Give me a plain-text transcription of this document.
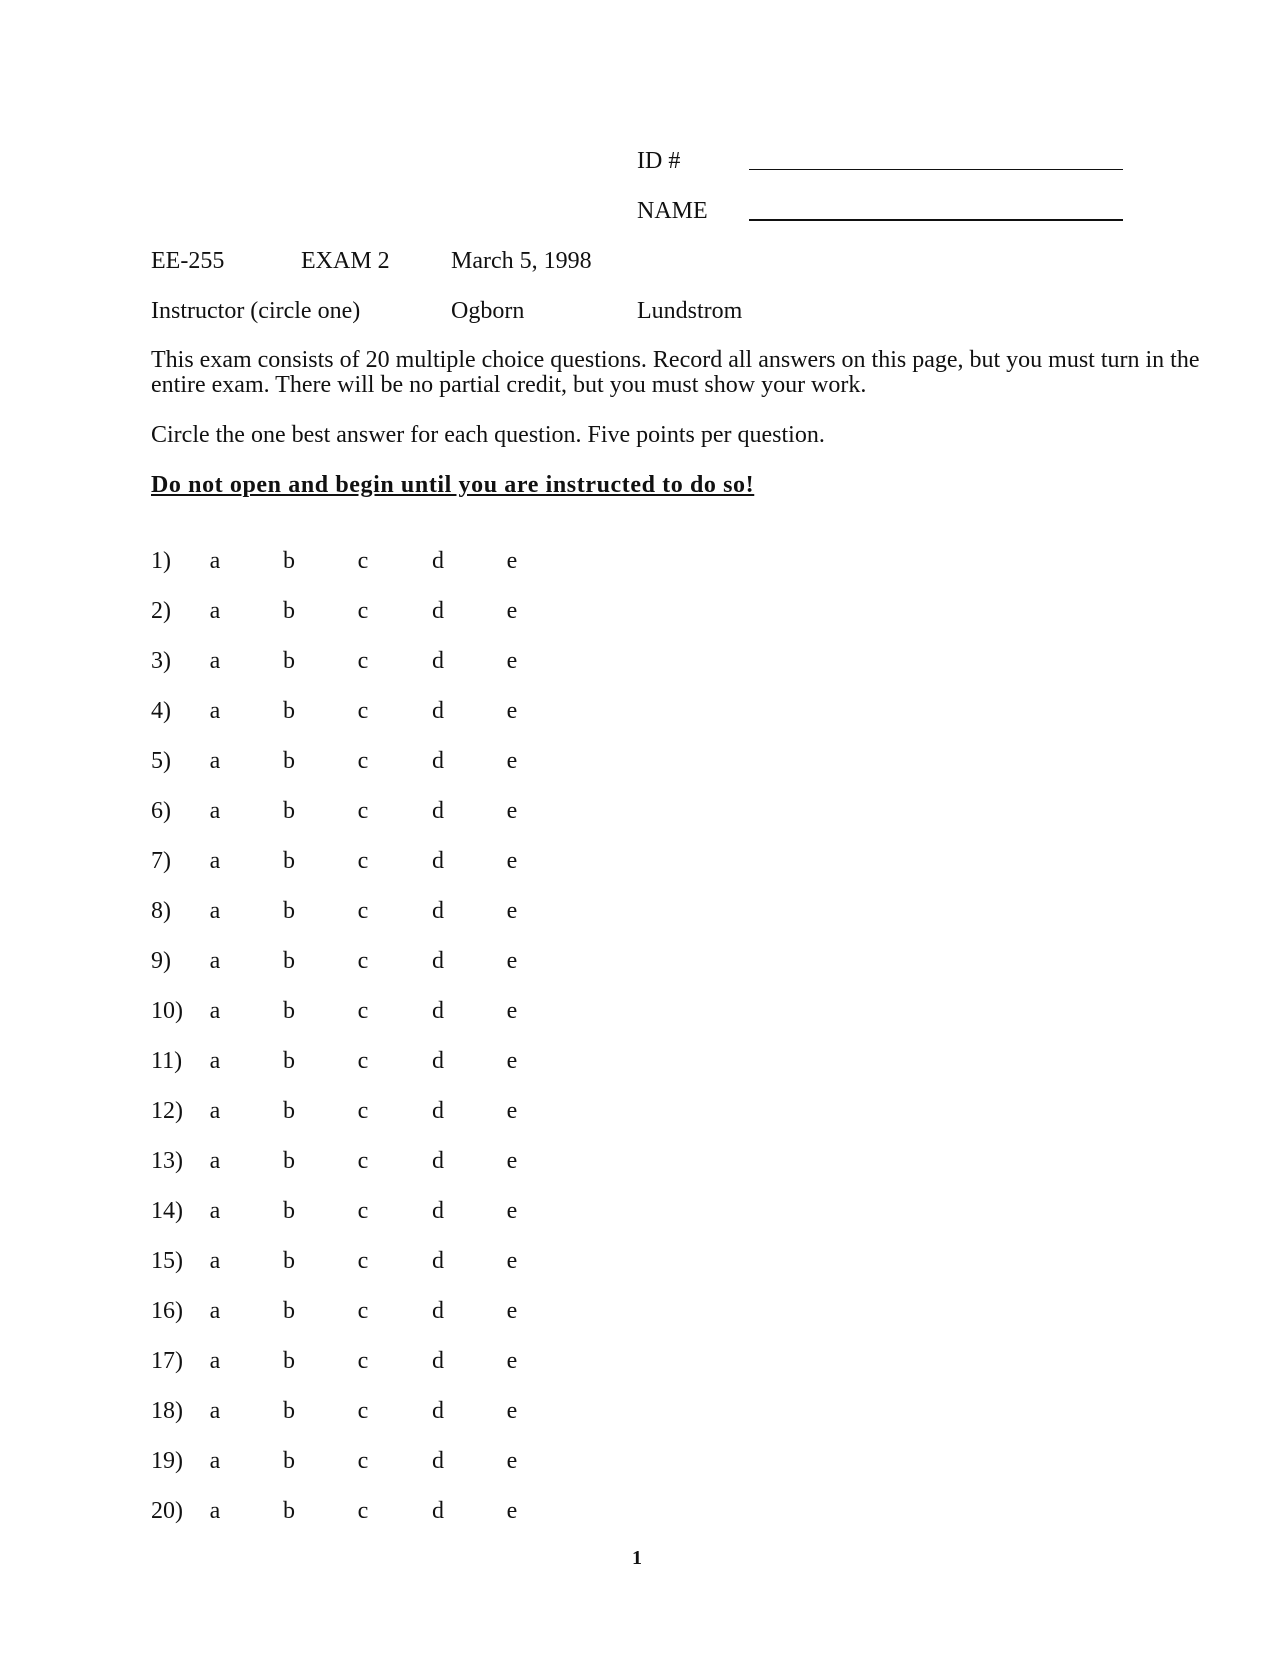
ID #
NAME
EE-255	EXAM 2	March 5, 1998
Instructor (circle one)	Ogborn	Lundstrom

This exam consists of 20 multiple choice questions. Record all answers on this page, but you must turn in the entire exam. There will be no partial credit, but you must show your work.

Circle the one best answer for each question. Five points per question.

Do not open and begin until you are instructed to do so!

1) a	b	c	d	e
2) a	b	c	d	e
3) a	b	c	d	e
4) a	b	c	d	e
5) a	b	c	d	e
6) a	b	c	d	e
7) a	b	c	d	e
8) a	b	c	d	e
9) a	b	c	d	e
10) a	b	c	d	e
11) a	b	c	d	e
12) a	b	c	d	e
13) a	b	c	d	e
14) a	b	c	d	e
15) a	b	c	d	e
16) a	b	c	d	e
17) a	b	c	d	e
18) a	b	c	d	e
19) a	b	c	d	e
20) a	b	c	d	e
1
